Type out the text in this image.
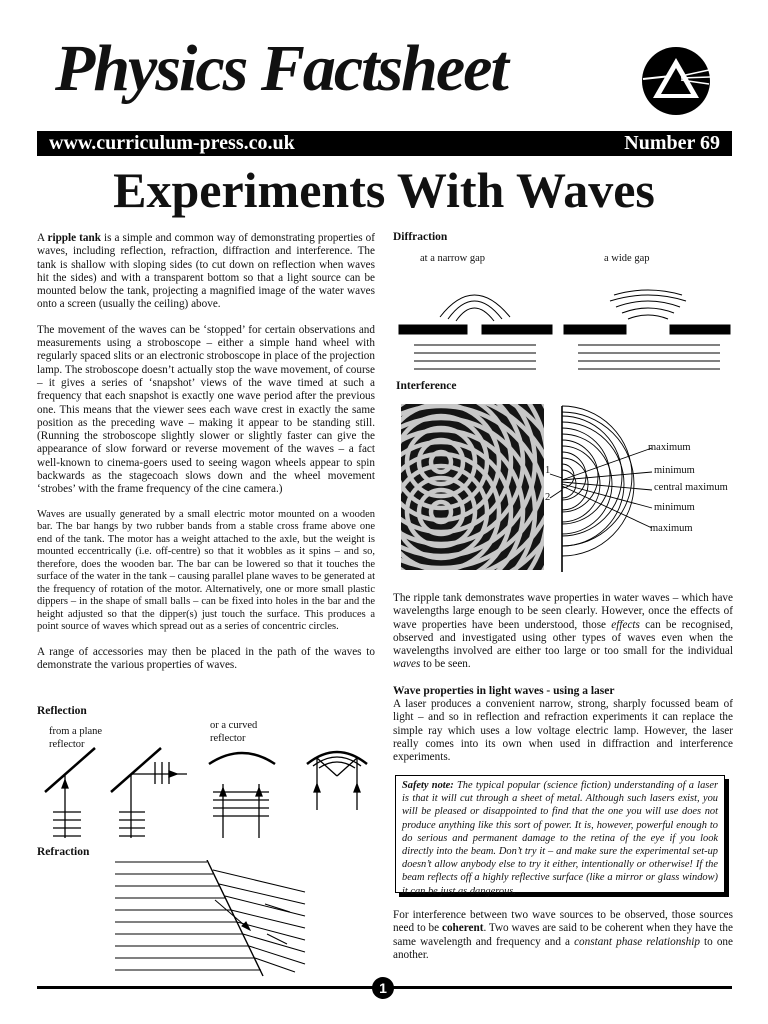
Physics Factsheet
www.curriculum-press.co.uk	Number 69
Experiments With Waves

A ripple tank is a simple and common way of demonstrating properties of waves, including reflection, refraction, diffraction and interference. The tank is shallow with sloping sides (to cut down on reflection when waves hit the sides) and with a transparent bottom so that a light source can be mounted below the tank, projecting a magnified image of the water waves onto a screen (usually the ceiling) above.

The movement of the waves can be ‘stopped’ for certain observations and measurements using a stroboscope – either a simple hand wheel with regularly spaced slits or an electronic stroboscope in place of the projection lamp. The stroboscope doesn’t actually stop the wave movement, of course – it gives a series of ‘snapshot’ views of the wave timed at such a frequency that each snapshot is exactly one wave period after the previous one. This means that the viewer sees each wave crest in exactly the same position as the preceding wave – making it appear to be standing still. (Running the stroboscope slightly slower or slightly faster can give the appearance of slow forward or reverse movement of the waves – a fact well-known to cinema-goers used to seeing wagon wheels appear to spin backwards as the stagecoach slows down and the wheel movement ‘strobes’ with the frame frequency of the cine camera.)

Waves are usually generated by a small electric motor mounted on a wooden bar. The bar hangs by two rubber bands from a stable cross frame above one end of the tank. The motor has a weight attached to the axle, but the weight is mounted eccentrically (i.e. off-centre) so that it wobbles as it spins – and so, therefore, does the wooden bar. The bar can be lowered so that it touches the surface of the water in the tank – causing parallel plane waves to be generated at the frequency of rotation of the motor. Alternatively, one or more small plastic dippers – in the shape of small balls – can be fixed into holes in the bar and the height adjusted so that the dipper(s) just touch the surface. This produces a point source of waves which spread out as a series of concentric circles.

A range of accessories may then be placed in the path of the waves to demonstrate the various properties of waves.

Reflection
from a plane
reflector
or a curved
reflector
Refraction
Diffraction
at a narrow gap	a wide gap
Interference
1
2
maximum
minimum
central maximum
minimum
maximum
The ripple tank demonstrates wave properties in water waves – which have wavelengths large enough to be seen clearly. However, once the effects of wave properties have been understood, those effects can be recognised, observed and investigated using other types of waves even when the wavelengths involved are either too large or too small for the individual waves to be seen.
Wave properties in light waves - using a laser
A laser produces a convenient narrow, strong, sharply focussed beam of light – and so in reflection and refraction experiments it can replace the simple ray which uses a low voltage electric lamp. However, the laser really comes into its own when used in diffraction and interference experiments.
Safety note: The typical popular (science fiction) understanding of a laser is that it will cut through a sheet of metal. Although such lasers exist, you will be pleased or disappointed to find that the one you will use does not produce anything like this sort of power. It is, however, powerful enough to do serious and permanent damage to the retina of the eye if you look directly into the beam. Don’t try it – and make sure the experimental set-up doesn’t allow anybody else to try it either, intentionally or otherwise! If the beam reflects off a highly reflective surface (like a mirror or glass window) it can be just as dangerous.
For interference between two wave sources to be observed, those sources need to be coherent. Two waves are said to be coherent when they have the same wavelength and frequency and a constant phase relationship to one another.
1
